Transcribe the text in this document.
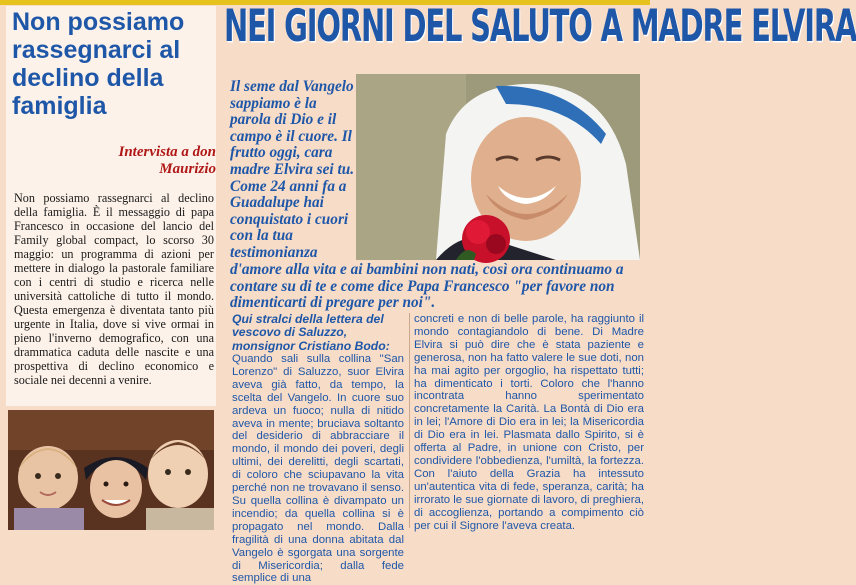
Non possiamo rassegnarci al declino della famiglia
Intervista a don Maurizio
Non possiamo rassegnarci al declino della famiglia. È il messaggio di papa Francesco in occasione del lancio del Family global compact, lo scorso 30 maggio: un programma di azioni per mettere in dialogo la pastorale familiare con i centri di studio e ricerca nelle università cattoliche di tutto il mondo. Questa emergenza è diventata tanto più urgente in Italia, dove si vive ormai in pieno l'inverno demografico, con una drammatica caduta delle nascite e una prospettiva di declino economico e sociale nei decenni a venire.
NEI GIORNI DEL SALUTO A MADRE ELVIRA
Il seme dal Vangelo sappiamo è la parola di Dio e il campo è il cuore. Il frutto oggi, cara madre Elvira sei tu. Come 24 anni fa a Guadalupe hai conquistato i cuori con la tua testimonianza
d'amore alla vita e ai bambini non nati, così ora continuamo a contare su di te e come dice Papa Francesco "per favore non dimenticarti di pregare per noi".
Qui stralci della lettera del vescovo di Saluzzo, monsignor Cristiano Bodo:
Quando sali sulla collina "San Lorenzo" di Saluzzo, suor Elvira aveva già fatto, da tempo, la scelta del Vangelo. In cuore suo ardeva un fuoco; nulla di nitido aveva in mente; bruciava soltanto del desiderio di abbracciare il mondo, il mondo dei poveri, degli ultimi, dei derelitti, degli scartati, di coloro che sciupavano la vita perché non ne trovavano il senso. Su quella collina è divampato un incendio; da quella collina si è propagato nel mondo. Dalla fragilità di una donna abitata dal Vangelo è sgorgata una sorgente di Misericordia; dalla fede semplice di una
concreti e non di belle parole, ha raggiunto il mondo contagiandolo di bene. Di Madre Elvira si può dire che è stata paziente e generosa, non ha fatto valere le sue doti, non ha mai agito per orgoglio, ha rispettato tutti; ha dimenticato i torti. Coloro che l'hanno incontrata hanno sperimentato concretamente la Carità. La Bontà di Dio era in lei; l'Amore di Dio era in lei; la Misericordia di Dio era in lei. Plasmata dallo Spirito, si è offerta al Padre, in unione con Cristo, per condividere l'obbedienza, l'umiltà, la fortezza. Con l'aiuto della Grazia ha intessuto un'autentica vita di fede, speranza, carità; ha irrorato le sue giornate di lavoro, di preghiera, di accoglienza, portando a compimento ciò per cui il Signore l'aveva creata.
